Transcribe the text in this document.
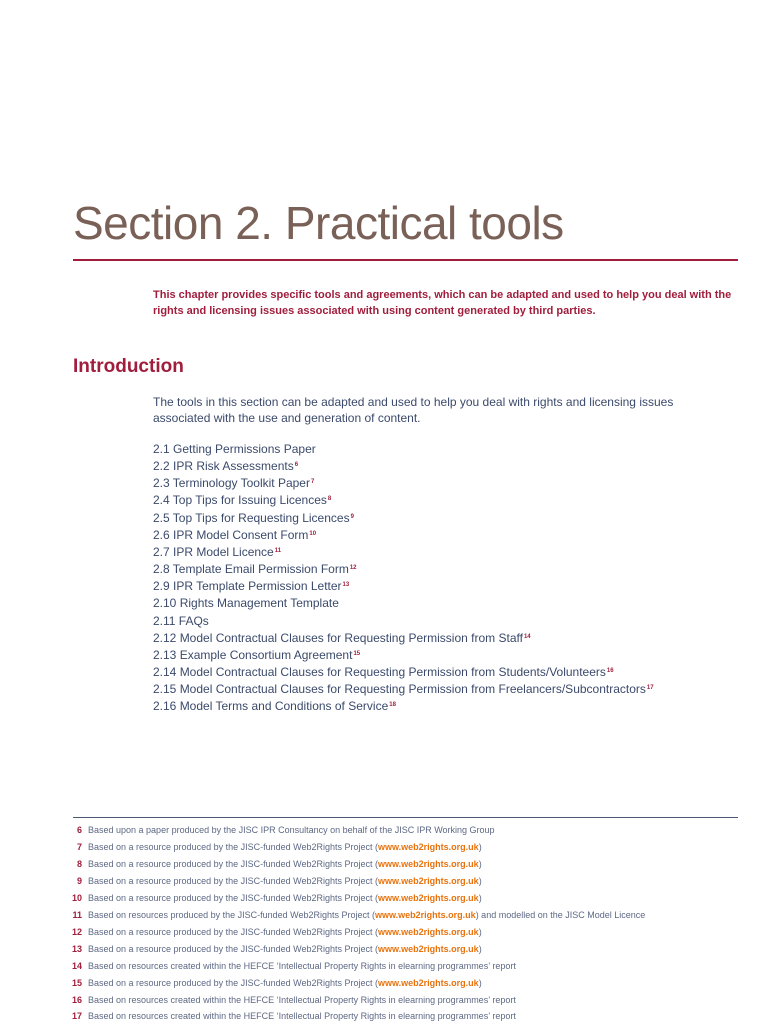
Section 2. Practical tools

This chapter provides specific tools and agreements, which can be adapted and used to help you deal with the rights and licensing issues associated with using content generated by third parties.

Introduction

The tools in this section can be adapted and used to help you deal with rights and licensing issues associated with the use and generation of content.

2.1 Getting Permissions Paper
2.2 IPR Risk Assessments$^6$
2.3 Terminology Toolkit Paper$^7$
2.4 Top Tips for Issuing Licences$^8$
2.5 Top Tips for Requesting Licences$^9$
2.6 IPR Model Consent Form$^{10}$
2.7 IPR Model Licence$^{11}$
2.8 Template Email Permission Form$^{12}$
2.9 IPR Template Permission Letter$^{13}$
2.10 Rights Management Template
2.11 FAQs
2.12 Model Contractual Clauses for Requesting Permission from Staff$^{14}$
2.13 Example Consortium Agreement$^{15}$
2.14 Model Contractual Clauses for Requesting Permission from Students/Volunteers$^{16}$
2.15 Model Contractual Clauses for Requesting Permission from Freelancers/Subcontractors$^{17}$
2.16 Model Terms and Conditions of Service$^{18}$
6 Based upon a paper produced by the JISC IPR Consultancy on behalf of the JISC IPR Working Group
7 Based on a resource produced by the JISC-funded Web2Rights Project (www.web2rights.org.uk)
8 Based on a resource produced by the JISC-funded Web2Rights Project (www.web2rights.org.uk)
9 Based on a resource produced by the JISC-funded Web2Rights Project (www.web2rights.org.uk)
10 Based on a resource produced by the JISC-funded Web2Rights Project (www.web2rights.org.uk)
11 Based on resources produced by the JISC-funded Web2Rights Project (www.web2rights.org.uk) and modelled on the JISC Model Licence
12 Based on a resource produced by the JISC-funded Web2Rights Project (www.web2rights.org.uk)
13 Based on a resource produced by the JISC-funded Web2Rights Project (www.web2rights.org.uk)
14 Based on resources created within the HEFCE ‘Intellectual Property Rights in elearning programmes’ report
15 Based on a resource produced by the JISC-funded Web2Rights Project (www.web2rights.org.uk)
16 Based on resources created within the HEFCE ‘Intellectual Property Rights in elearning programmes’ report
17 Based on resources created within the HEFCE ‘Intellectual Property Rights in elearning programmes’ report
